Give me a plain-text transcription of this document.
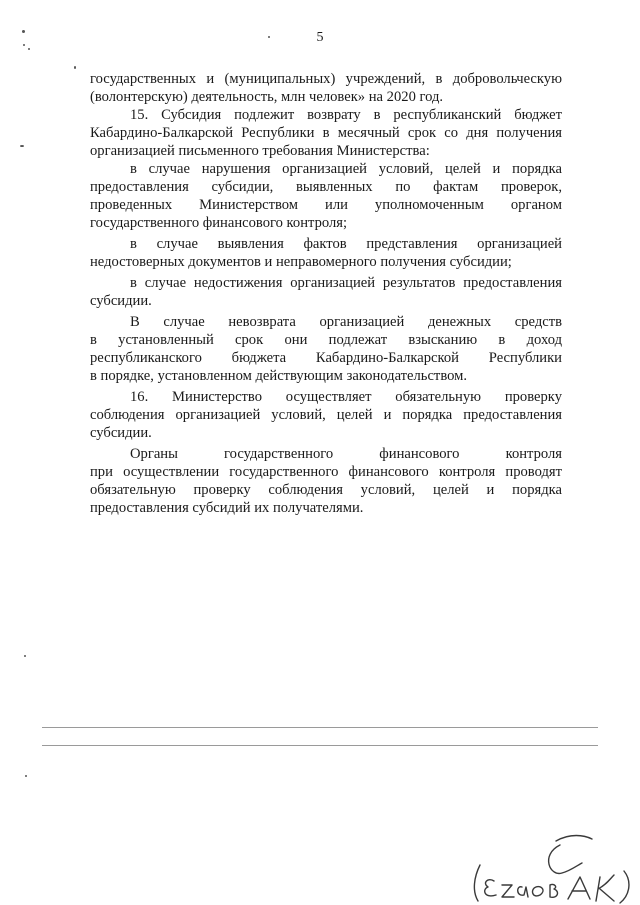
5
государственных и (муниципальных) учреждений, в добровольческую
(волонтерскую) деятельность, млн человек» на 2020 год.
15. Субсидия подлежит возврату в республиканский бюджет
Кабардино-Балкарской Республики в месячный срок со дня получения
организацией письменного требования Министерства:
в случае нарушения организацией условий, целей и порядка
предоставления субсидии, выявленных по фактам проверок,
проведенных Министерством или уполномоченным органом
государственного финансового контроля;
в случае выявления фактов представления организацией
недостоверных документов и неправомерного получения субсидии;
в случае недостижения организацией результатов предоставления
субсидии.
В случае невозврата организацией денежных средств
в установленный срок они подлежат взысканию в доход
республиканского бюджета Кабардино-Балкарской Республики
в порядке, установленном действующим законодательством.
16. Министерство осуществляет обязательную проверку
соблюдения организацией условий, целей и порядка предоставления
субсидии.
Органы государственного финансового контроля
при осуществлении государственного финансового контроля проводят
обязательную проверку соблюдения условий, целей и порядка
предоставления субсидий их получателями.
